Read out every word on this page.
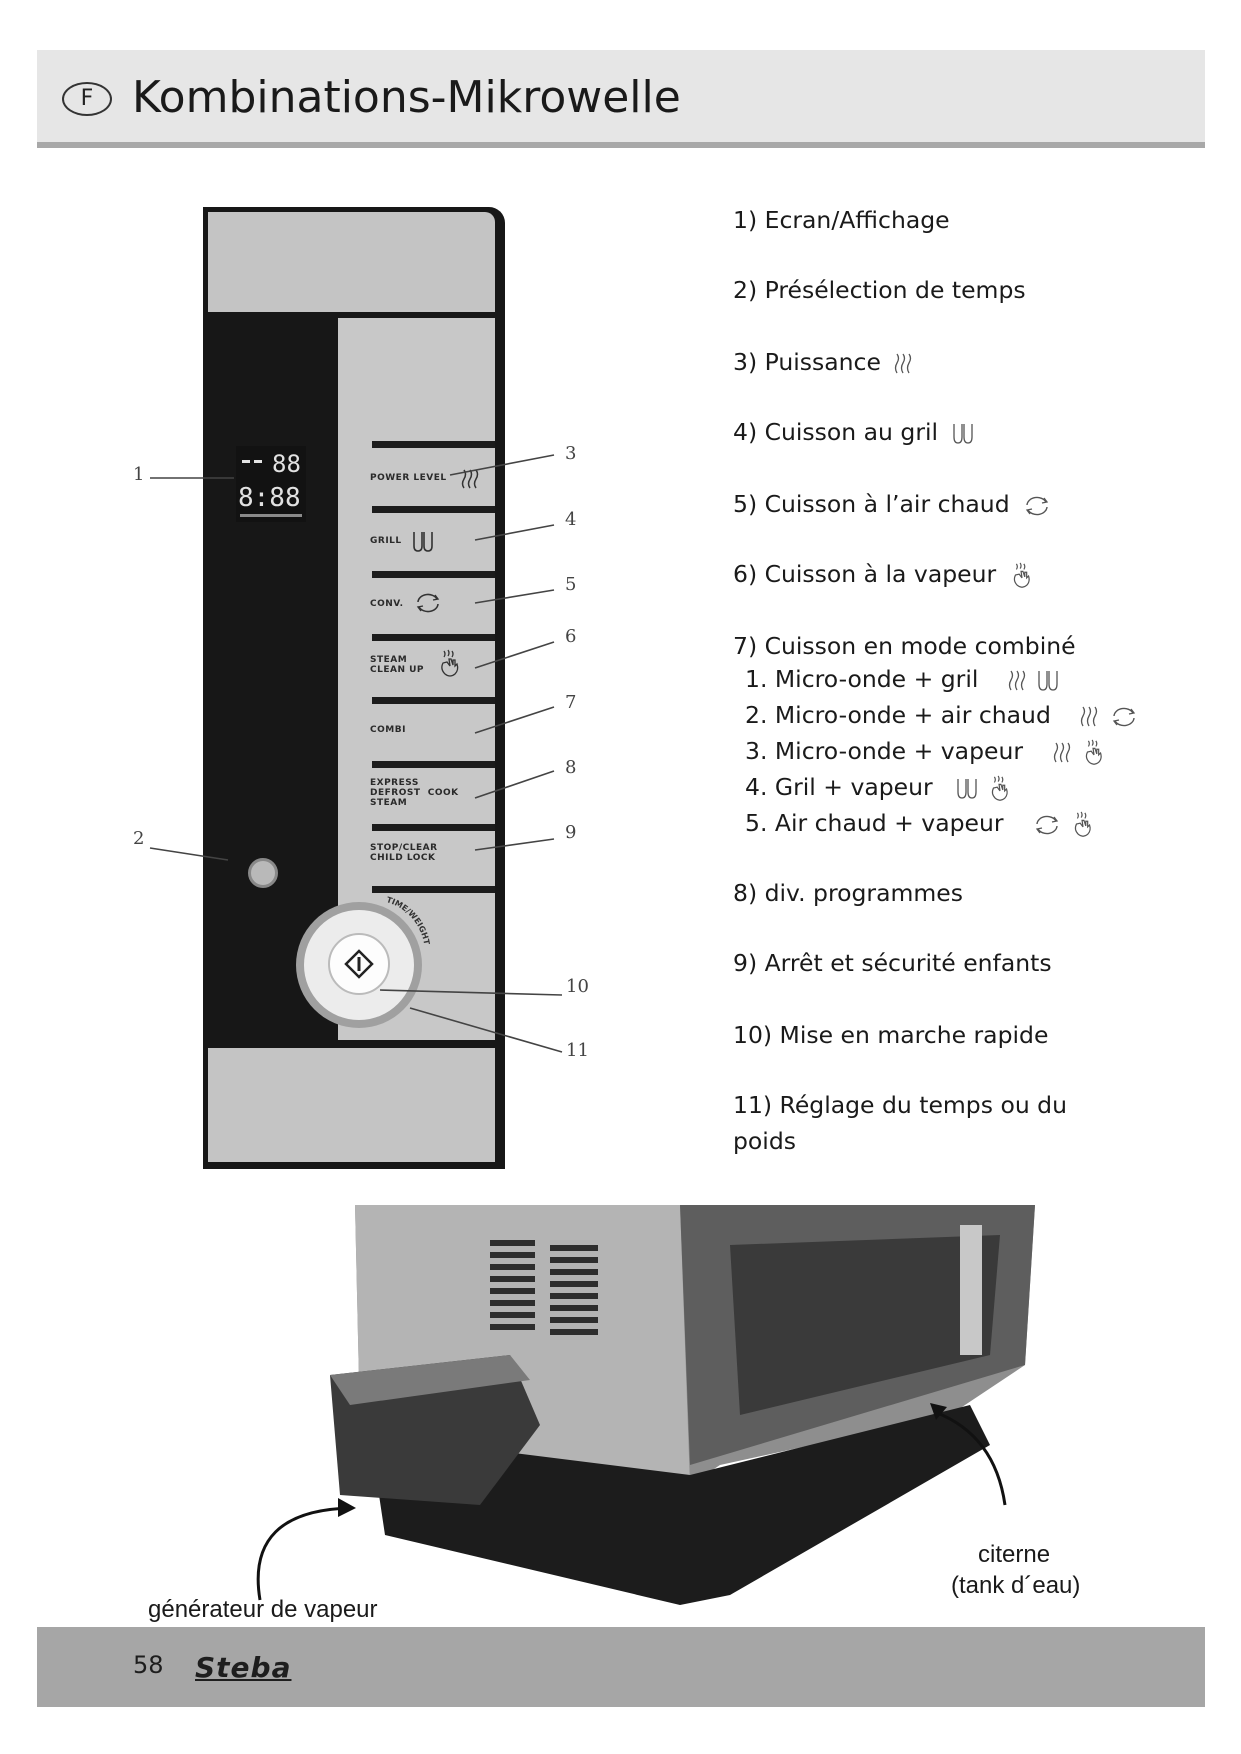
F Kombinations-Mikrowelle
POWER LEVEL
GRILL
CONV.
STEAM
CLEAN UP
COMBI
EXPRESS
DEFROST  COOK
STEAM
STOP/CLEAR
CHILD LOCK
88
8:88
TIME/WEIGHT
1
2
3
4
5
6
7
8
9
10
11
1) Ecran/Affichage
2) Présélection de temps
3) Puissance
4) Cuisson au gril
5) Cuisson à l’air chaud
6) Cuisson à la vapeur
7) Cuisson en mode combiné
1. Micro-onde + gril

2. Micro-onde + air chaud

3. Micro-onde + vapeur

4. Gril + vapeur

5. Air chaud + vapeur

8) div. programmes
9) Arrêt et sécurité enfants
10) Mise en marche rapide
11) Réglage du temps ou du
poids
générateur de vapeur
citerne
(tank d´eau)
58 Steba
